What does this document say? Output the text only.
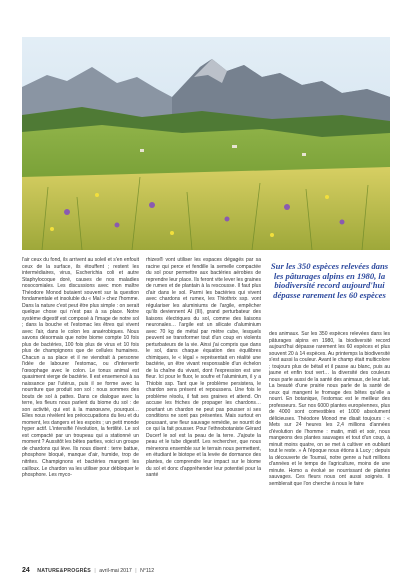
l'air ceux du fond, ils arrivent au soleil et s'en enfouit ceux de la surface, ils étouffent ; restent les intermédiaires, virus, Escherichia coli et autre Staphylocoque doré, causes de nos maladies nosocomiales. Les discussions avec mon maître Théodore Monod butaient souvent sur la question fondamentale et insoluble du « Mal » chez l'homme. Dans la nature c'est peut être plus simple : on serait quelque chose qui n'est pas à sa place. Notre système digestif est composé à l'image de notre sol ; dans la bouche et l'estomac les êtres qui vivent avec l'air, dans le colon les anaérobiques. Nous savons désormais que notre biome compte 10 fois plus de bactéries, 100 fois plus de virus et 10 fois plus de champignons que de cellules humaines. Chacun a sa place et il ne viendrait à personne l'idée de labourer l'estomac, ou d'intervertir l'œsophage avec le colon. Le tonus animal est quasiment vierge de bactérie. Il est ensemencé à sa naissance par l'utérus, puis il se forme avec la nourriture que produit son sol : nous sommes des bouts de sol à pattes. Dans ce dialogue avec la terre, les fleurs nous parlent du biome du sol : de son activité, qui est à la manœuvre, pourquoi… Elles nous révèlent les préoccupations du lieu et du moment, les dangers et les espoirs ; un petit monde hyper actif. L'intensifié l'évolution, la fertilité. Le sol est compacté par un troupeau qui a stationné un moment ? Aussitôt les bêtes parties, voici un groupe de chardons qui lève. Ils nous disent : terre battue, phosphore bloqué, manque d'air, humide, trop de nitrites. Champignons et bactéries mangent les cailloux. Le chardon va les utiliser pour débloquer le phosphore. Les myco-

rhizes® vont utiliser les espaces dégagés par sa racine qui perce et fendille la semelle compactée du sol pour permettre aux bactéries aérobies de reprendre leur place. Ils feront vite lever les graines de rumex et de plantain à la rescousse. Il faut plus d'air dans le sol. Parmi les bactéries qui vivent avec chardons et rumex, les Thiothrix ssp. vont régulariser les aluminiums de l'argile, empêcher qu'ils deviennent Al (III), grand perturbateur des liaisons électriques du sol, comme des liaisons neuronales… l'argile est un silicate d'aluminium avec 70 kg de métal par mètre cube, lesquels peuvent se transformer tout d'un coup en violents perturbateurs de la vie. Ainsi j'ai compris que dans le sol, dans chaque équation des équilibres chimiques, le « légal » représentait en réalité une bactérie, un être vivant responsable d'un échelon de la chaîne du vivant, dont l'expression est une fleur. Ici pour le fluor, le soufre et l'aluminium, il y a Thiobix ssp. Tant que le problème persistera, le chardon sera présent et repoussera. Une fois le problème résolu, il fait ses graines et attend. On accuse les friches de propager les chardons… pourtant un chardon ne peut pas pousser si ses conditions ne sont pas présentes. Mais surtout en poussant, une fleur sauvage remédie, se nourrit de ce qui la fait pousser. Pour l'ethnobotaniste Gérard Ducerf le sol est la peau de la terre. J'ajoute la peau et le tube digestif. Les rechercher, que nous mènerons ensemble sur le terrain nous permettent, en étudiant le biotope et la levée de dormance des plantes, de comprendre leur impact sur le biome du sol et donc d'appréhender leur potentiel pour la santé

Sur les 350 espèces relevées dans les pâturages alpins en 1980, la biodiversité record aujourd'hui dépasse rarement les 60 espèces

des animaux. Sur les 350 espèces relevées dans les pâturages alpins en 1980, la biodiversité record aujourd'hui dépasse rarement les 60 espèces et plus souvent 20 à 14 espèces. Au printemps la biodiversité s'est aussi la couleur. Avant le champ était multicolore ; toujours plus de bétail et il passe au blanc, puis au jaune et enfin tout vert… la diversité des couleurs nous parle aussi de la santé des animaux, de leur lait. La beauté d'une prairie nous parle de la santé de ceux qui mangent le fromage des bêtes qu'elle a nourri. En botanique, l'estomac est le meilleur des professeurs. Sur nos 6000 plantes européennes, plus de 4000 sont comestibles et 1000 absolument délicieuses. Théodore Monod me disait toujours : « Mets sur 24 heures les 2,4 millions d'années d'évolution de l'homme : matin, midi et soir, nous mangeons des plantes sauvages et tout d'un coup, à minuit moins quatre, on se met à cultiver en oubliant tout le reste. » À l'époque nous étions à Lucy ; depuis la découverte de Toumaï, notre genre a huit millions d'années et le temps de l'agriculture, moins de une minute. Homo a évolué se nourrissant de plantes sauvages. Ces fleurs nous ont aussi soignés. Il semblerait que l'on cherche à nous le faire

24 NATURE&PROGRÈS | avril-mai 2017 | N°112
